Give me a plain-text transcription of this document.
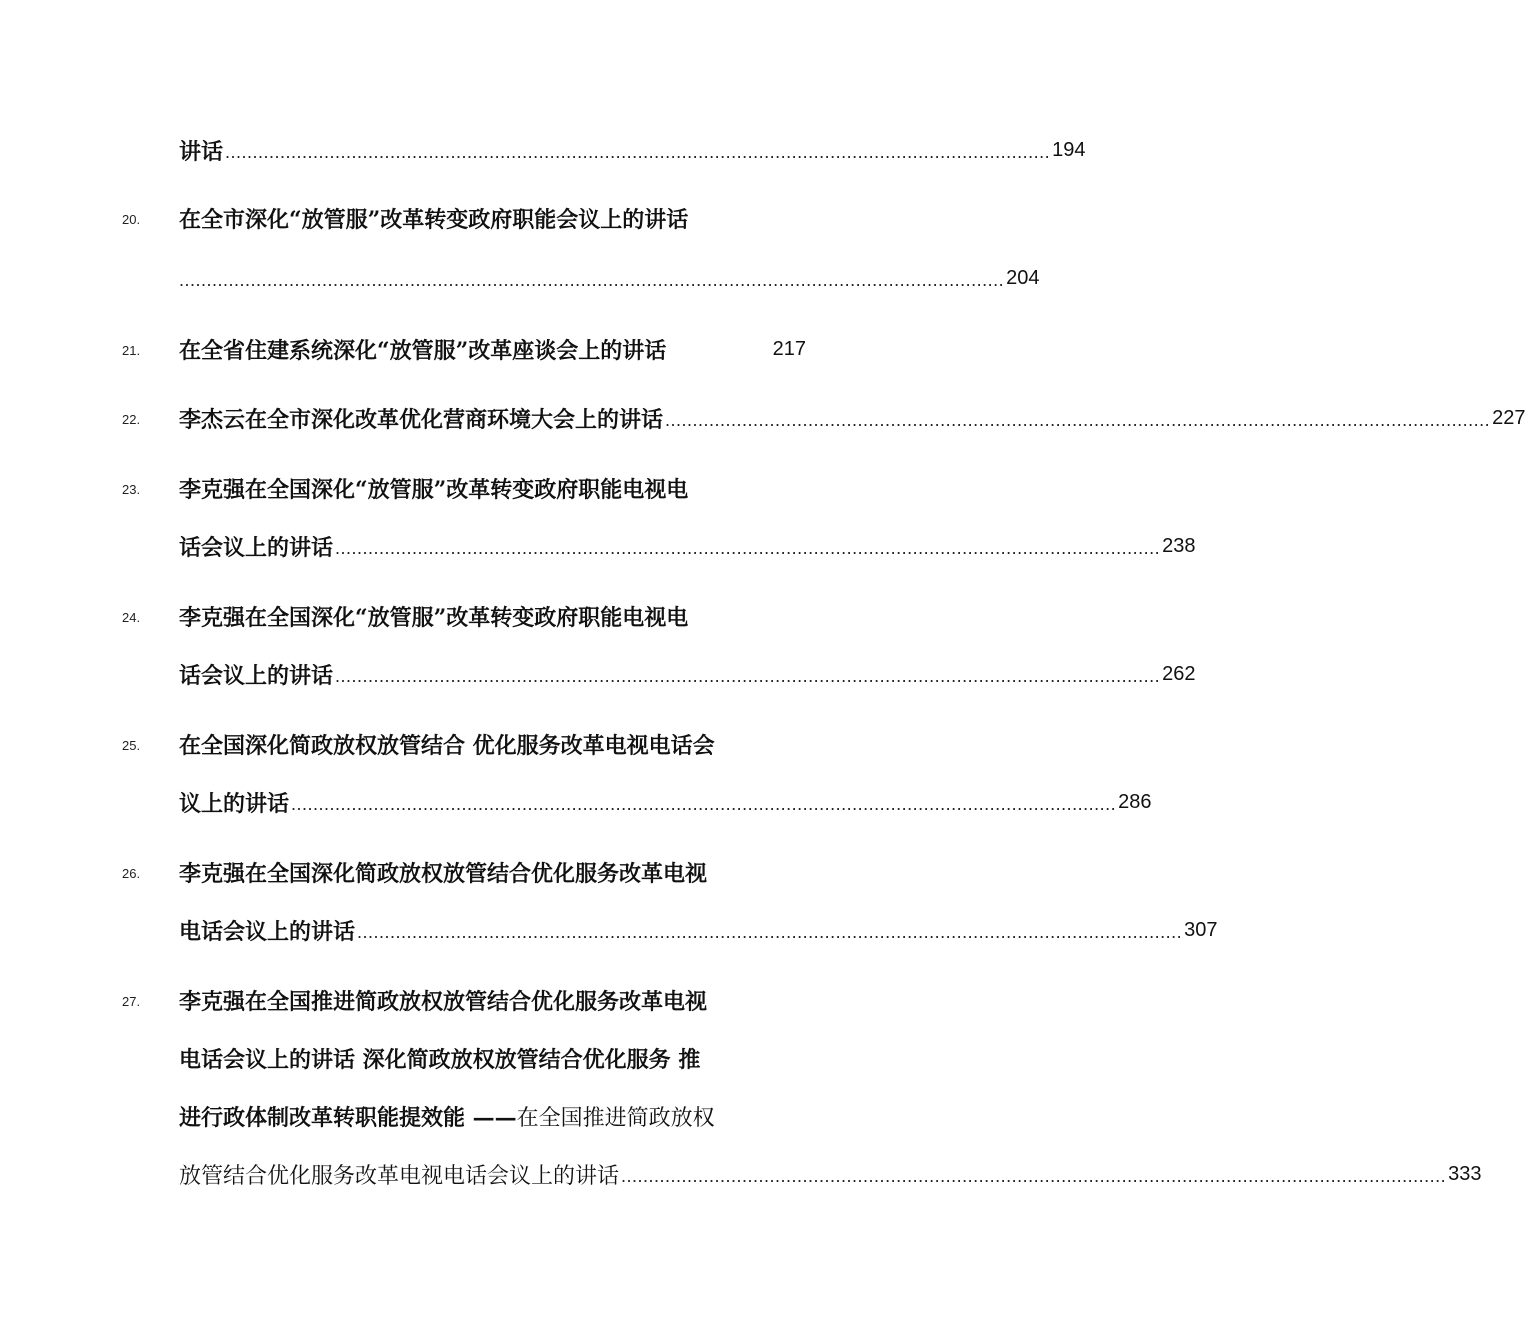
讲话 ...................................................................................................................................................... 194
20.	在全市深化“放管服”改革转变政府职能会议上的讲话
...................................................................................................................................................... 204
21.	在全省住建系统深化“放管服”改革座谈会上的讲话	217
22.	李杰云在全市深化改革优化营商环境大会上的讲话 ...................................................................................................................................................... 227
23.	李克强在全国深化“放管服”改革转变政府职能电视电
话会议上的讲话 ...................................................................................................................................................... 238
24.	李克强在全国深化“放管服”改革转变政府职能电视电
话会议上的讲话 ...................................................................................................................................................... 262
25.	在全国深化简政放权放管结合 优化服务改革电视电话会
议上的讲话 ...................................................................................................................................................... 286
26.	李克强在全国深化简政放权放管结合优化服务改革电视
电话会议上的讲话 ...................................................................................................................................................... 307
27.	李克强在全国推进简政放权放管结合优化服务改革电视
电话会议上的讲话 深化简政放权放管结合优化服务 推
进行政体制改革转职能提效能 —— 在全国推进简政放权
放管结合优化服务改革电视电话会议上的讲话 ...................................................................................................................................................... 333
